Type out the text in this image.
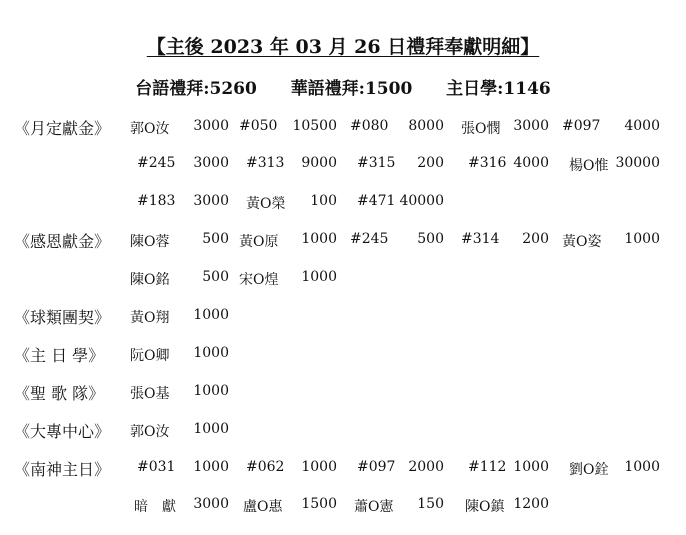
【主後 2023 年 03 月 26 日禮拜奉獻明細】
台語禮拜:5260 華語禮拜:1500 主日學:1146
《月定獻金》 郭O汝	3000 #050	10500 #080	8000 張O憫 3000 #097	4000
#245	3000 #313	9000 #315	200 #316 4000 楊O惟 30000
#183	3000 黃O榮	100 #471 40000
《感恩獻金》 陳O蓉	500 黃O原	1000 #245	500 #314	200 黃O姿	1000
陳O銘	500 宋O煌	1000
《球類團契》 黃O翔	1000
《主 日 學》 阮O卿	1000
《聖 歌 隊》 張O基	1000
《大專中心》 郭O汝	1000
《南神主日》 #031	1000 #062	1000 #097 2000 #112 1000 劉O銓	1000
暗　獻	3000 盧O惠	1500 蕭O憲	150 陳O鎮 1200
